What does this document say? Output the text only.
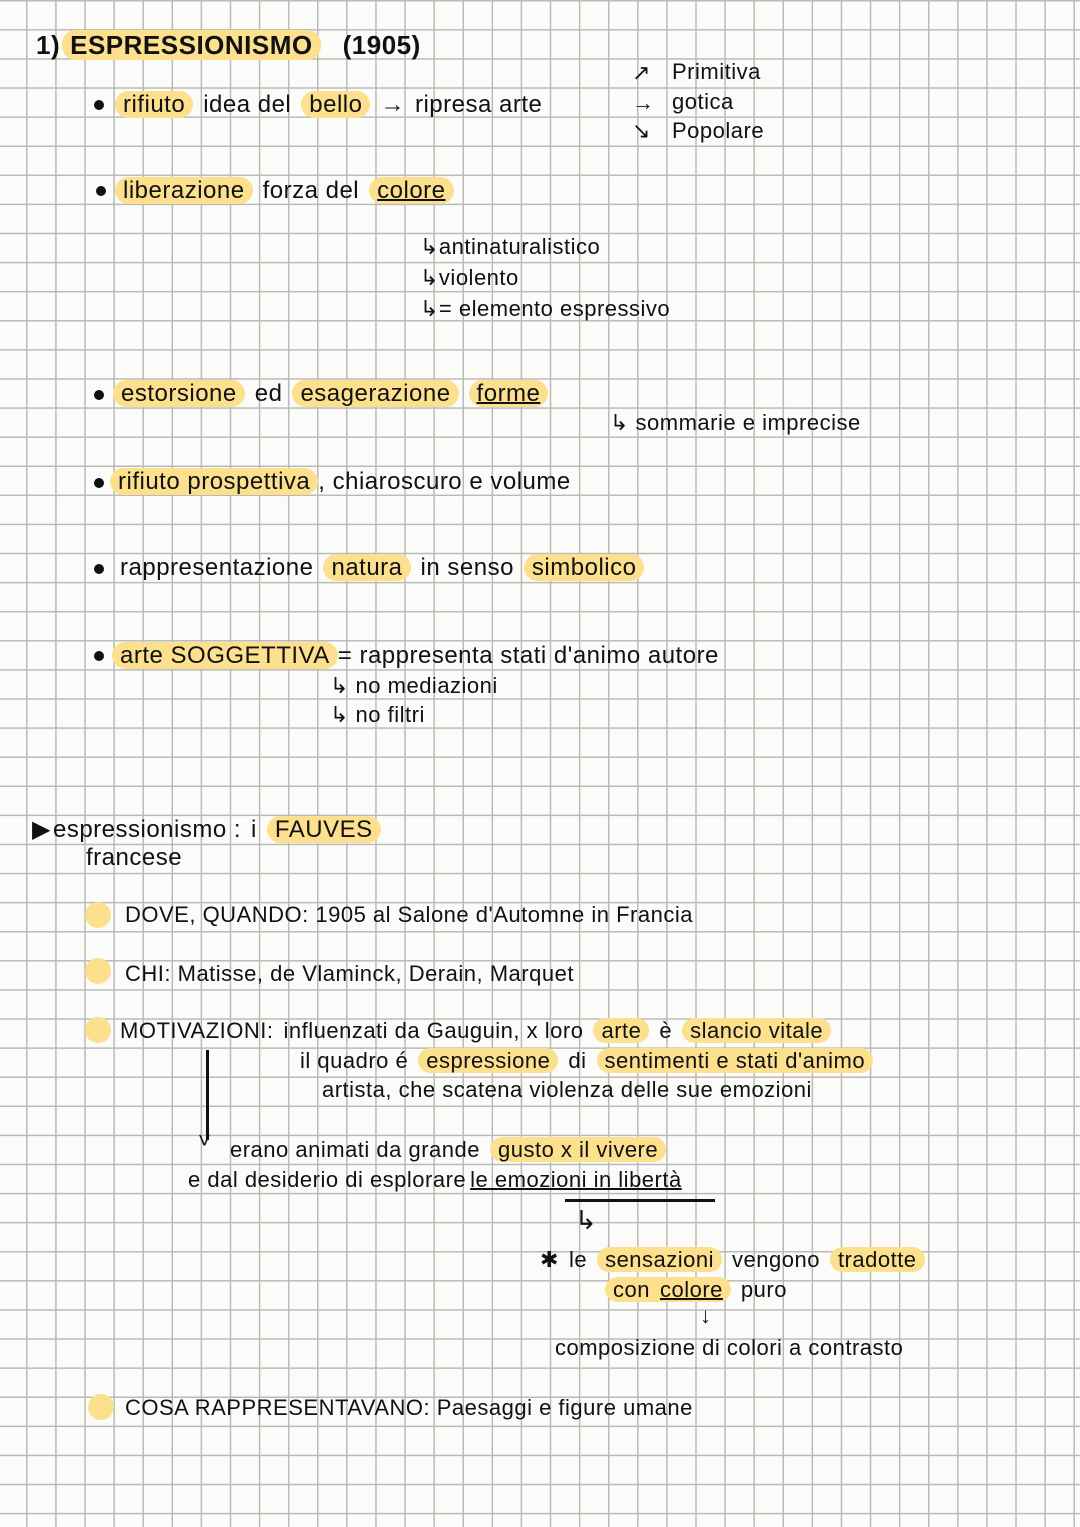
1) ESPRESSIONISMO (1905)
rifiuto idea del bello → ripresa arte
↗
→
↘
Primitiva
gotica
Popolare
liberazione forza del colore
↳antinaturalistico
↳violento
↳= elemento espressivo
estorsione ed esagerazione forme
↳ sommarie e imprecise
rifiuto prospettiva , chiaroscuro e volume
rappresentazione natura in senso simbolico
arte SOGGETTIVA = rappresenta stati d'animo autore
↳ no mediazioni
↳ no filtri
▶espressionismo : i FAUVES
francese
DOVE, QUANDO: 1905 al Salone d'Automne in Francia
CHI: Matisse, de Vlaminck, Derain, Marquet
MOTIVAZIONI: influenzati da Gauguin, x loro arte è slancio vitale
il quadro é espressione di sentimenti e stati d'animo
artista, che scatena violenza delle sue emozioni
˅ erano animati da grande gusto x il vivere
e dal desiderio di esplorare le emozioni in libertà
↳
✱ le sensazioni vengono tradotte
con colore puro
↓
composizione di colori a contrasto
COSA RAPPRESENTAVANO: Paesaggi e figure umane
